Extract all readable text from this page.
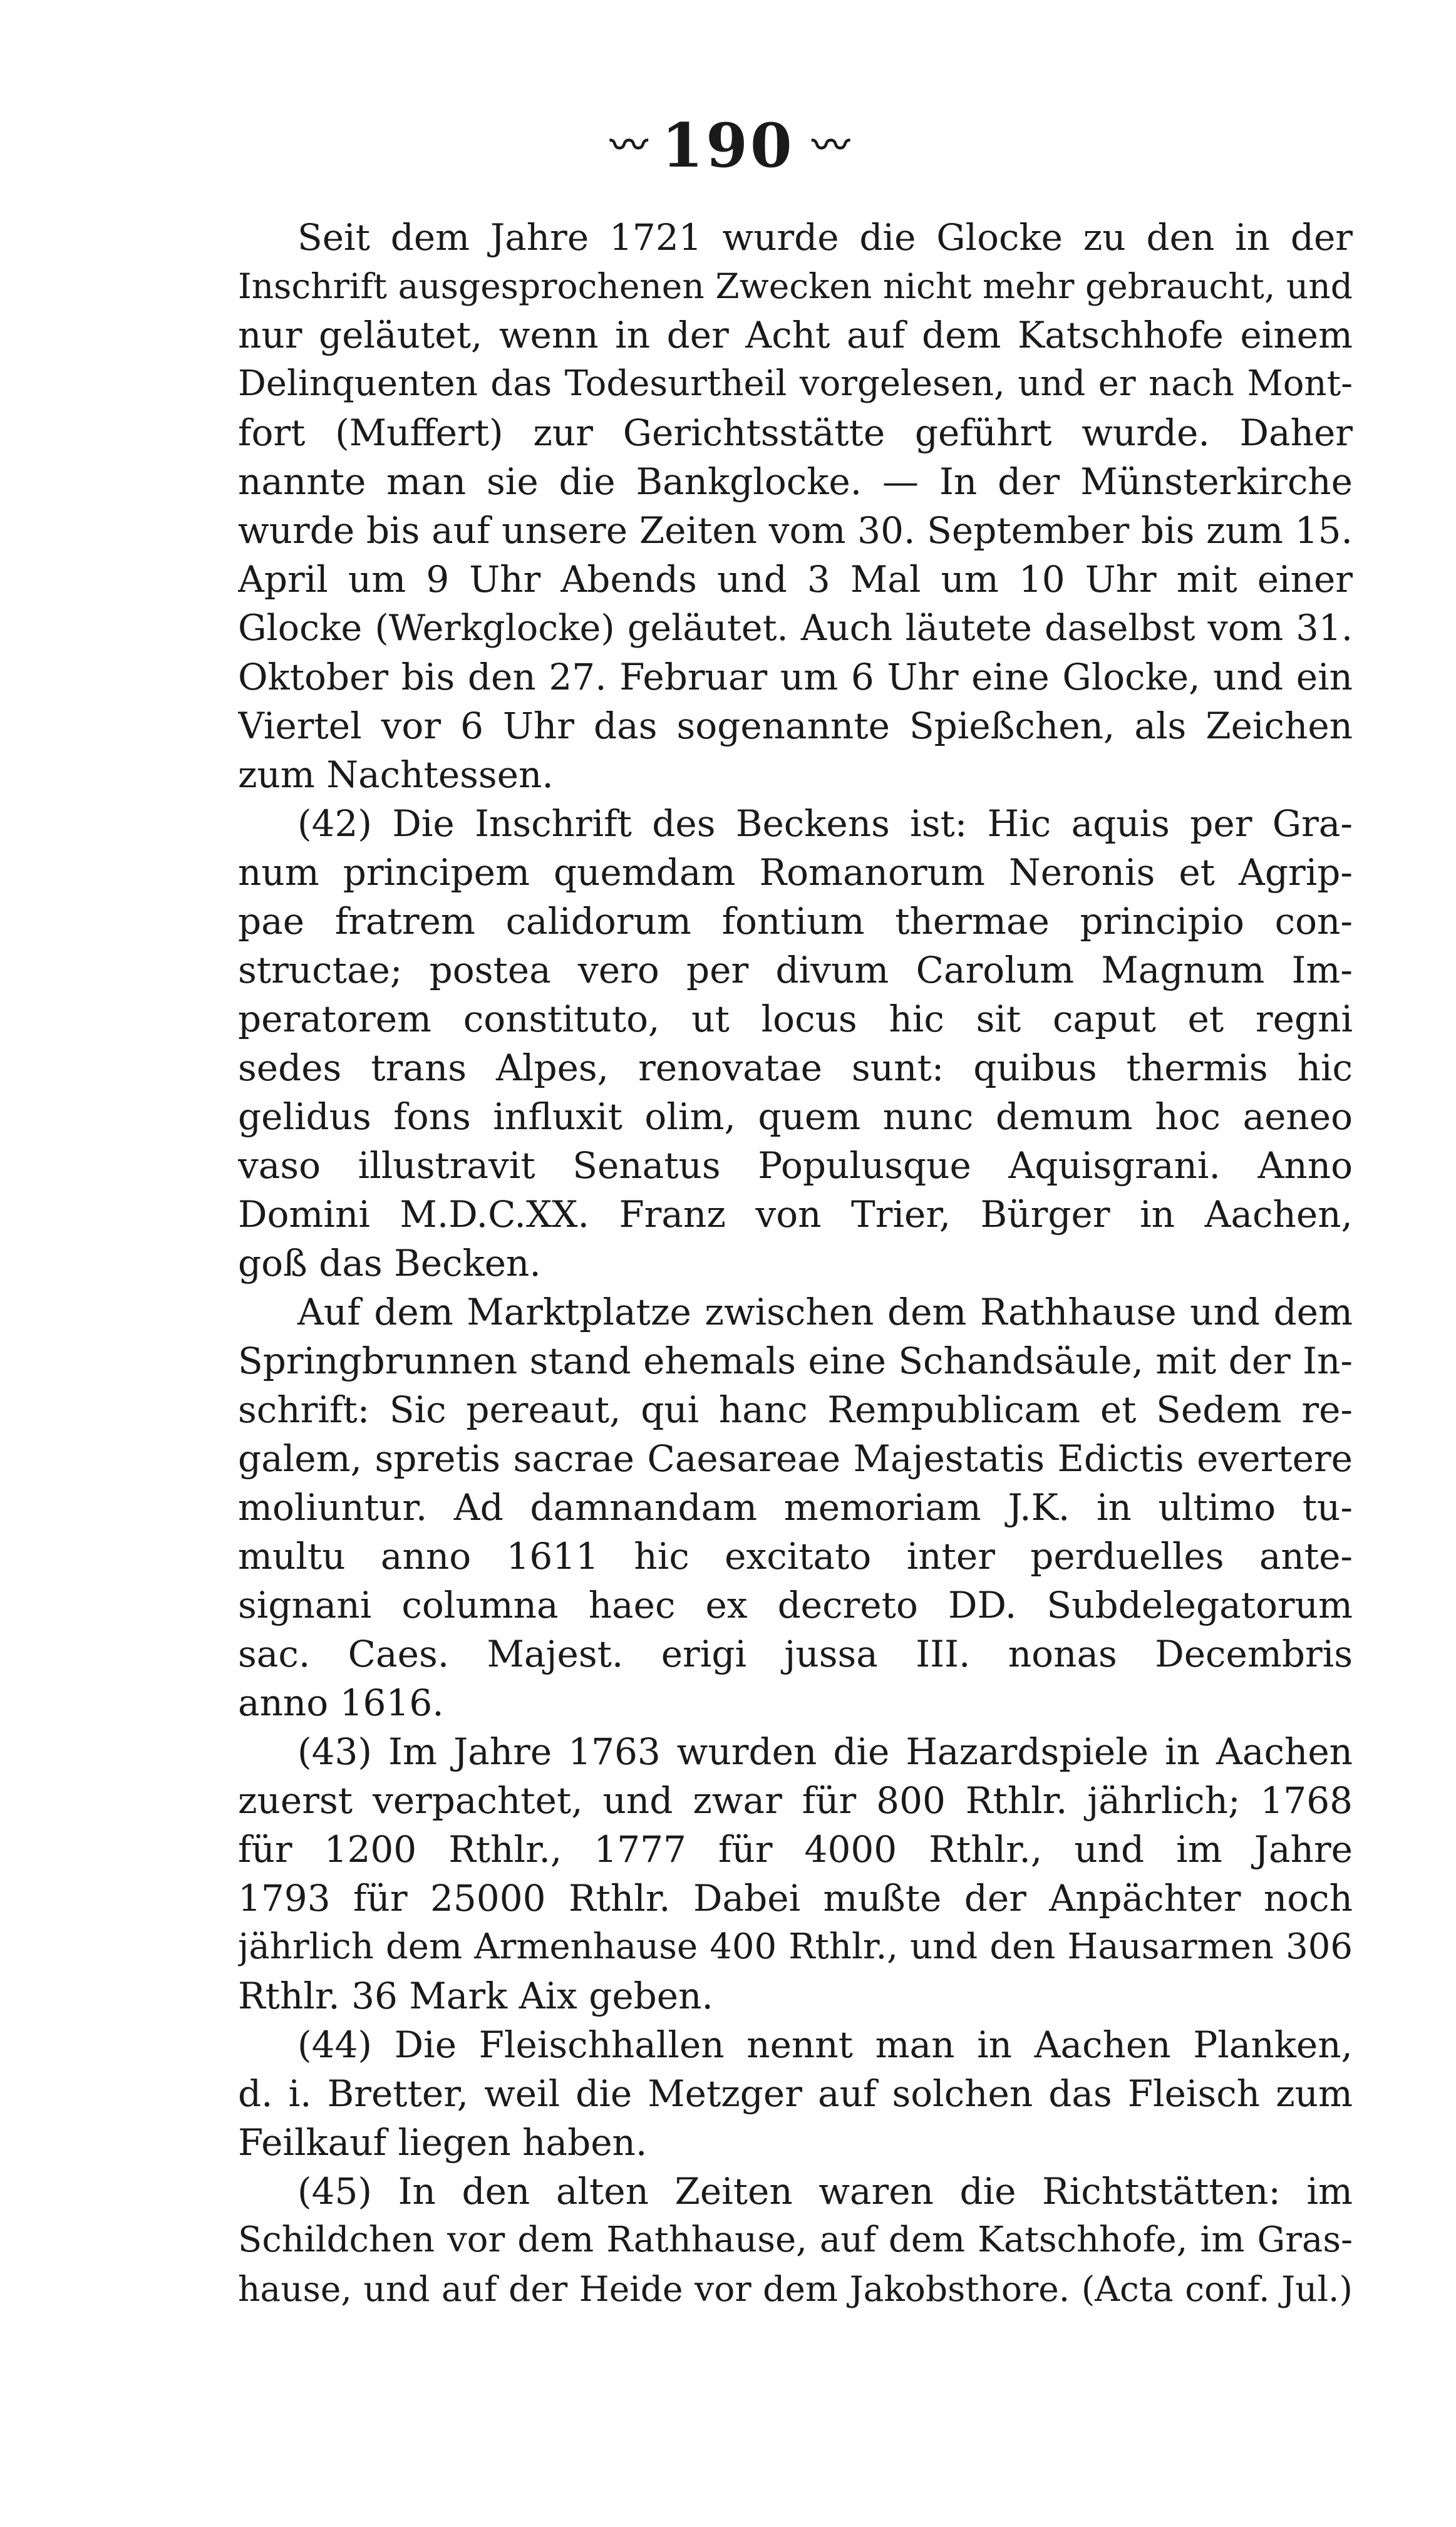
〰 190 〰
Seit dem Jahre 1721 wurde die Glocke zu den in der
Inschrift ausgesprochenen Zwecken nicht mehr gebraucht, und
nur geläutet, wenn in der Acht auf dem Katschhofe einem
Delinquenten das Todesurtheil vorgelesen, und er nach Mont-
fort (Muffert) zur Gerichtsstätte geführt wurde. Daher
nannte man sie die Bankglocke. — In der Münsterkirche
wurde bis auf unsere Zeiten vom 30. September bis zum 15.
April um 9 Uhr Abends und 3 Mal um 10 Uhr mit einer
Glocke (Werkglocke) geläutet. Auch läutete daselbst vom 31.
Oktober bis den 27. Februar um 6 Uhr eine Glocke, und ein
Viertel vor 6 Uhr das sogenannte Spießchen, als Zeichen
zum Nachtessen.
(42) Die Inschrift des Beckens ist: Hic aquis per Gra-
num principem quemdam Romanorum Neronis et Agrip-
pae fratrem calidorum fontium thermae principio con-
structae; postea vero per divum Carolum Magnum Im-
peratorem constituto, ut locus hic sit caput et regni
sedes trans Alpes, renovatae sunt: quibus thermis hic
gelidus fons influxit olim, quem nunc demum hoc aeneo
vaso illustravit Senatus Populusque Aquisgrani. Anno
Domini M.D.C.XX. Franz von Trier, Bürger in Aachen,
goß das Becken.
Auf dem Marktplatze zwischen dem Rathhause und dem
Springbrunnen stand ehemals eine Schandsäule, mit der In-
schrift: Sic pereaut, qui hanc Rempublicam et Sedem re-
galem, spretis sacrae Caesareae Majestatis Edictis evertere
moliuntur. Ad damnandam memoriam J.K. in ultimo tu-
multu anno 1611 hic excitato inter perduelles ante-
signani columna haec ex decreto DD. Subdelegatorum
sac. Caes. Majest. erigi jussa III. nonas Decembris
anno 1616.
(43) Im Jahre 1763 wurden die Hazardspiele in Aachen
zuerst verpachtet, und zwar für 800 Rthlr. jährlich; 1768
für 1200 Rthlr., 1777 für 4000 Rthlr., und im Jahre
1793 für 25000 Rthlr. Dabei mußte der Anpächter noch
jährlich dem Armenhause 400 Rthlr., und den Hausarmen 306
Rthlr. 36 Mark Aix geben.
(44) Die Fleischhallen nennt man in Aachen Planken,
d. i. Bretter, weil die Metzger auf solchen das Fleisch zum
Feilkauf liegen haben.
(45) In den alten Zeiten waren die Richtstätten: im
Schildchen vor dem Rathhause, auf dem Katschhofe, im Gras-
hause, und auf der Heide vor dem Jakobsthore. (Acta conf. Jul.)
